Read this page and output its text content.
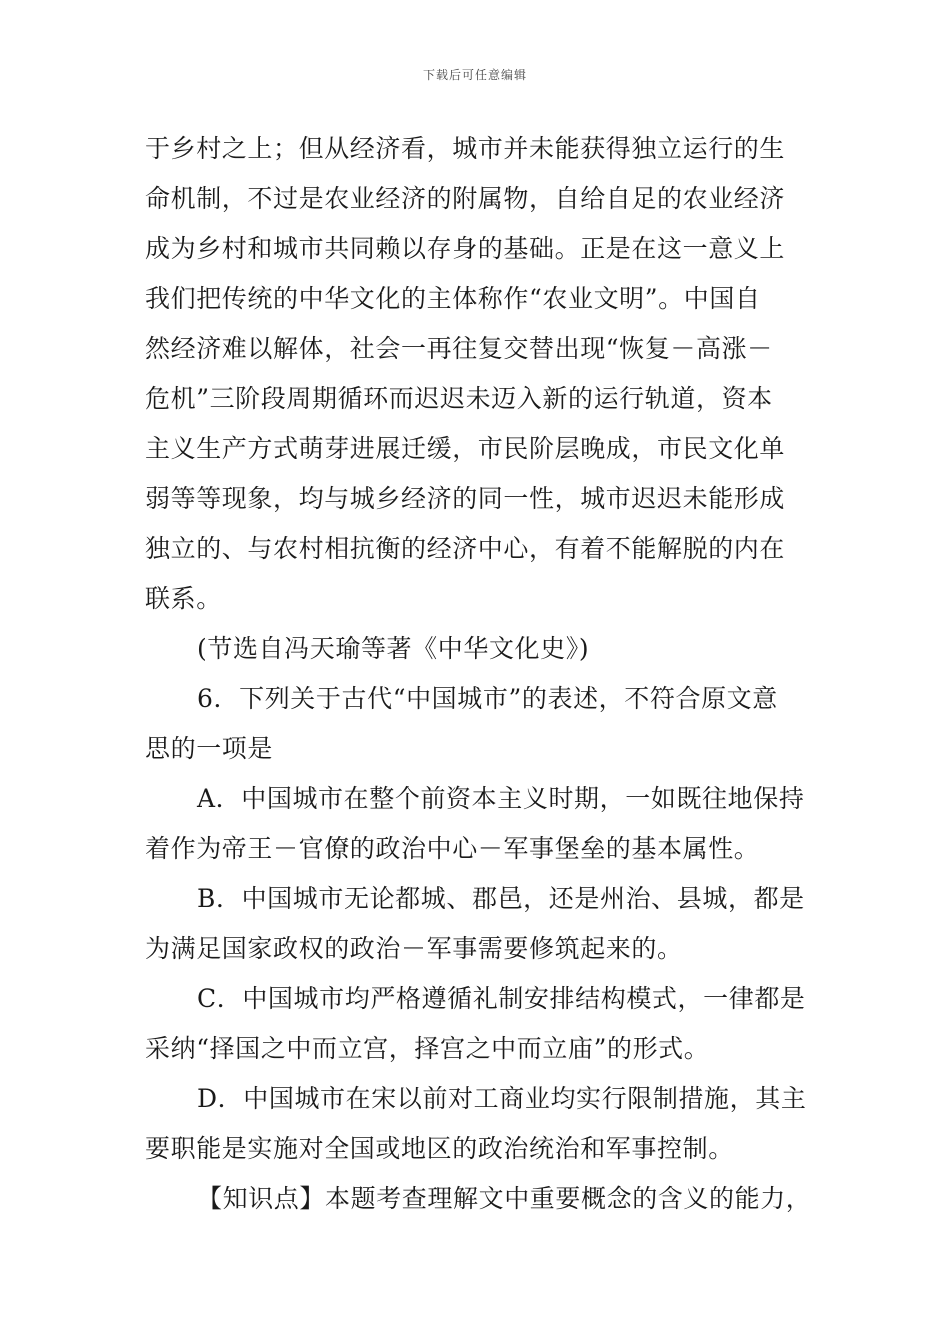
下载后可任意编辑
于乡村之上；但从经济看，城市并未能获得独立运行的生
命机制，不过是农业经济的附属物，自给自足的农业经济
成为乡村和城市共同赖以存身的基础。正是在这一意义上
我们把传统的中华文化的主体称作“农业文明”。中国自
然经济难以解体，社会一再往复交替出现“恢复－高涨－
危机”三阶段周期循环而迟迟未迈入新的运行轨道，资本
主义生产方式萌芽进展迁缓，市民阶层晚成，市民文化单
弱等等现象，均与城乡经济的同一性，城市迟迟未能形成
独立的、与农村相抗衡的经济中心，有着不能解脱的内在
联系。
(节选自冯天瑜等著《中华文化史》)
6．下列关于古代“中国城市”的表述，不符合原文意
思的一项是
A．中国城市在整个前资本主义时期，一如既往地保持
着作为帝王－官僚的政治中心－军事堡垒的基本属性。
B．中国城市无论都城、郡邑，还是州治、县城，都是
为满足国家政权的政治－军事需要修筑起来的。
C．中国城市均严格遵循礼制安排结构模式，一律都是
采纳“择国之中而立宫，择宫之中而立庙”的形式。
D．中国城市在宋以前对工商业均实行限制措施，其主
要职能是实施对全国或地区的政治统治和军事控制。
【知识点】本题考查理解文中重要概念的含义的能力，
